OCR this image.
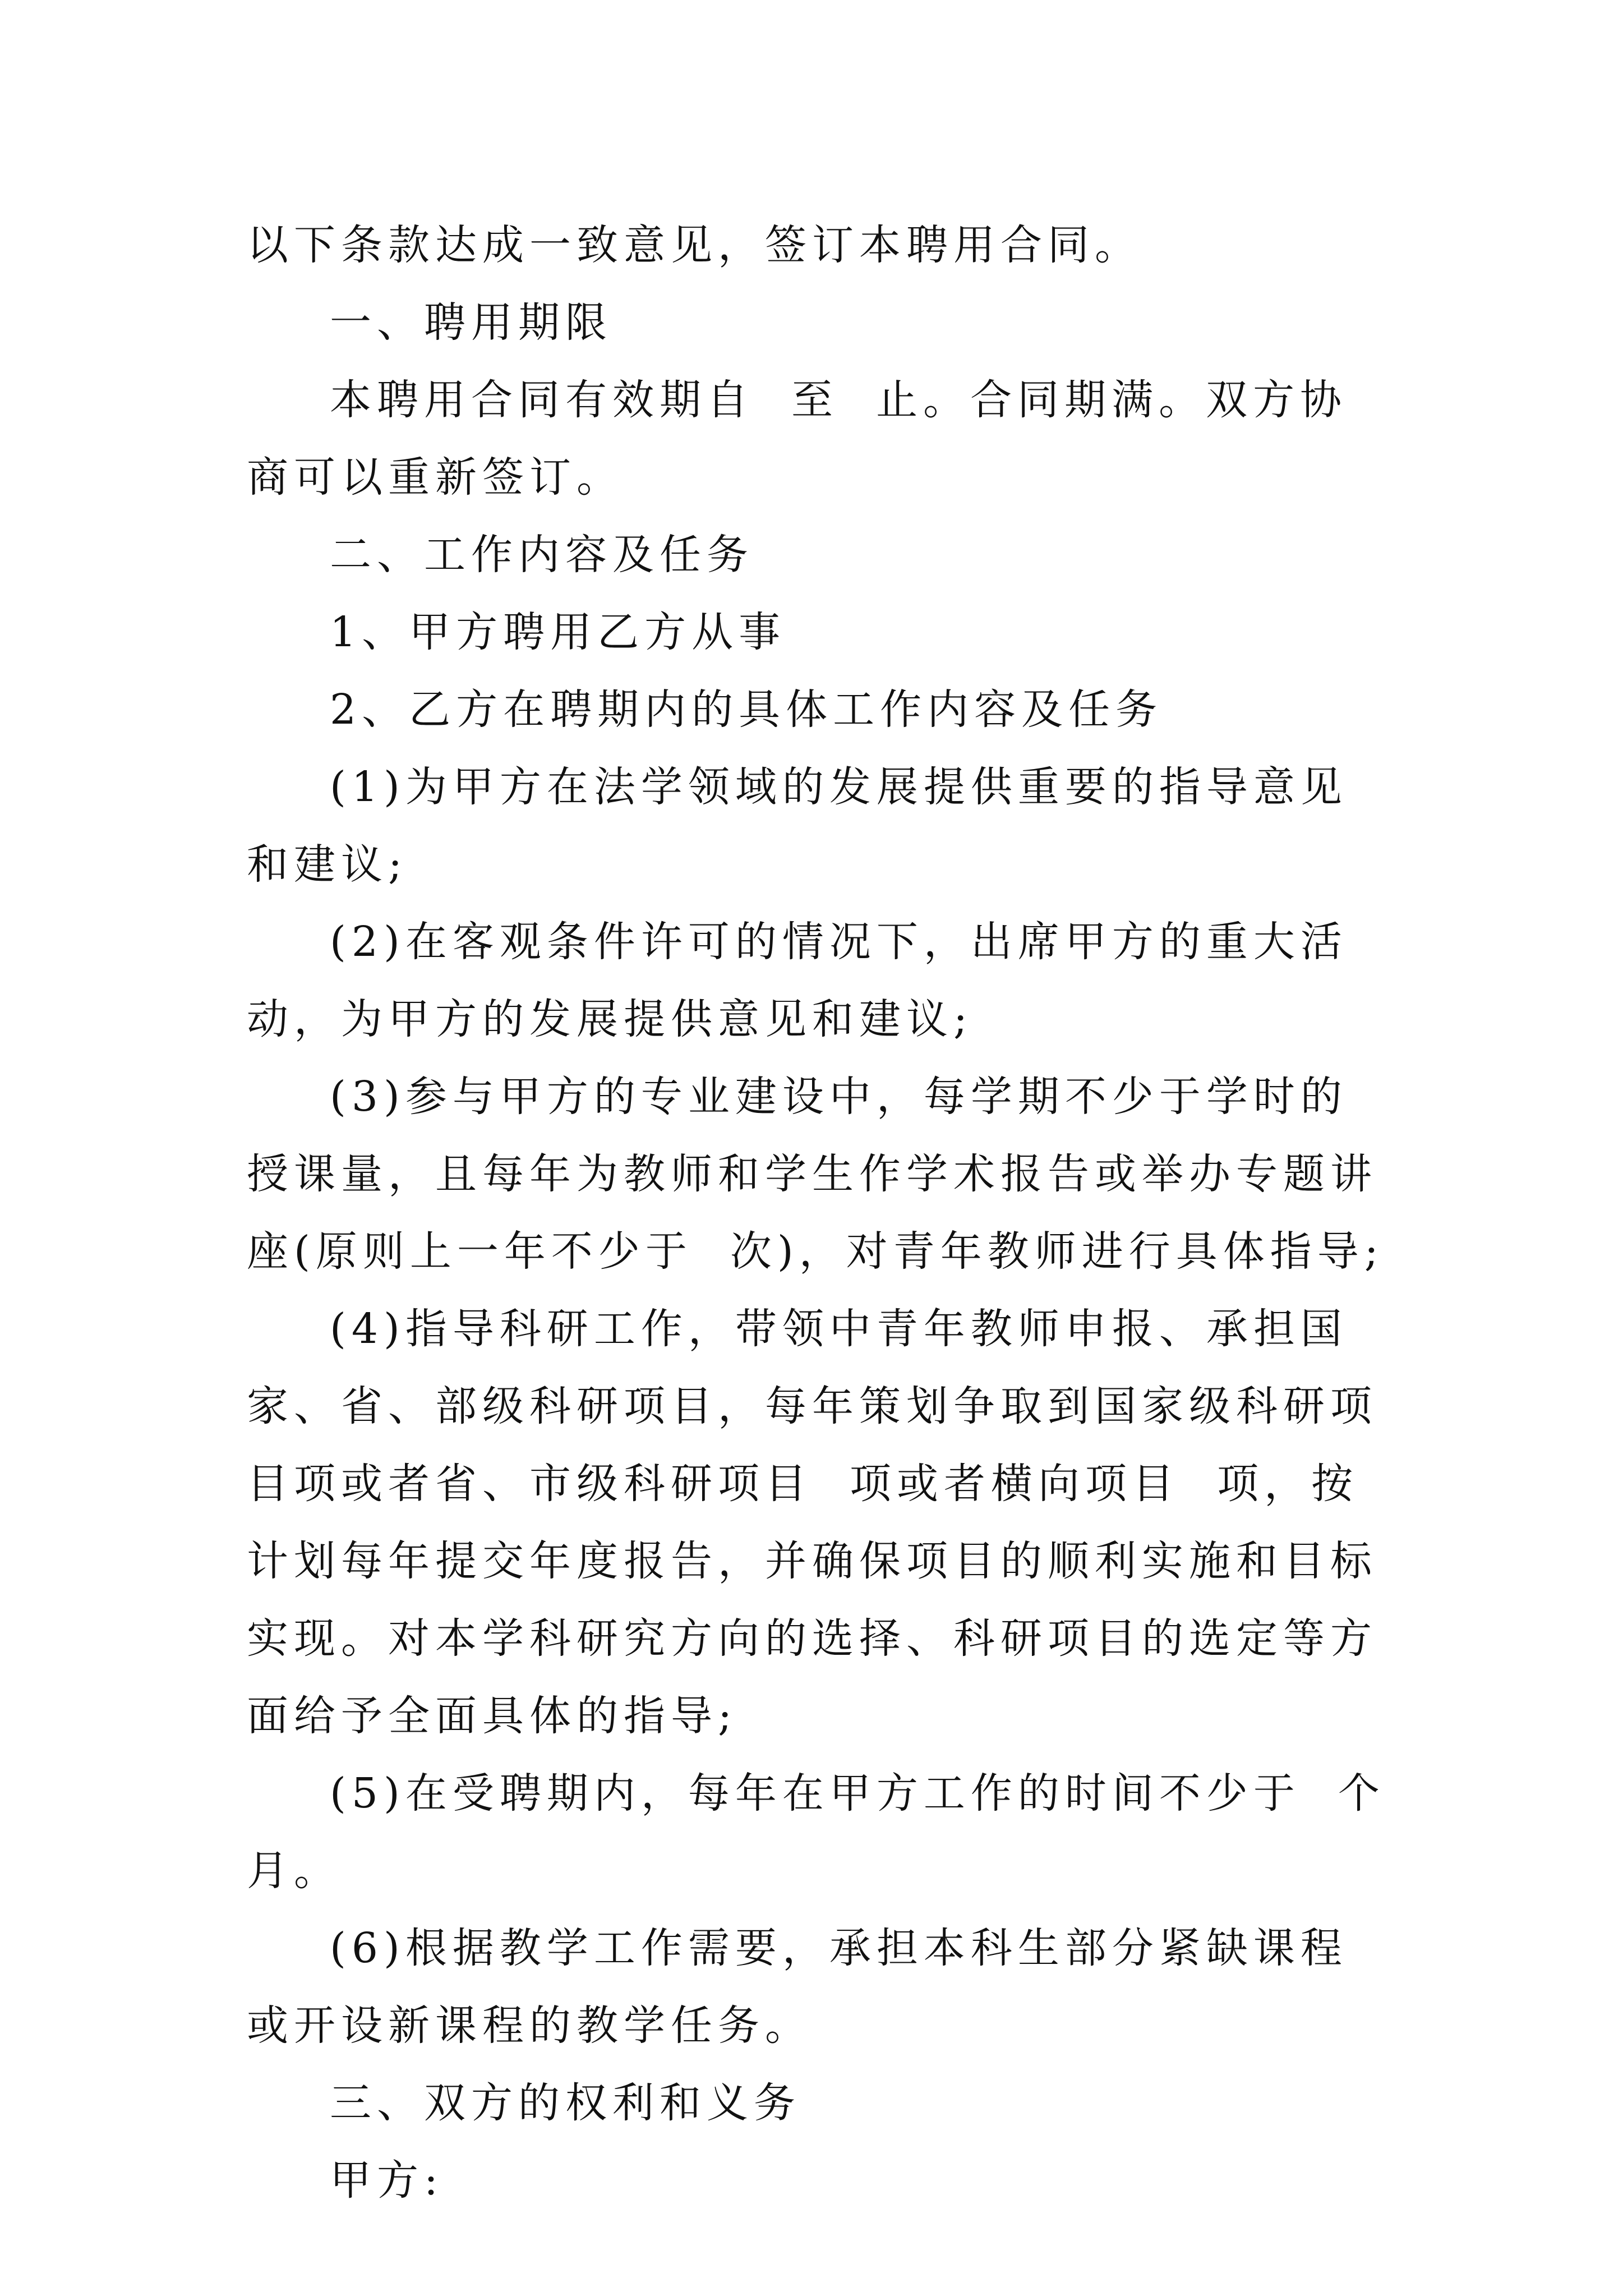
以下条款达成一致意见，签订本聘用合同。

一、聘用期限

本聘用合同有效期自  至  止。合同期满。双方协商可以重新签订。

二、工作内容及任务

1、甲方聘用乙方从事

2、乙方在聘期内的具体工作内容及任务

(1)为甲方在法学领域的发展提供重要的指导意见和建议;

(2)在客观条件许可的情况下，出席甲方的重大活动，为甲方的发展提供意见和建议;

(3)参与甲方的专业建设中，每学期不少于学时的授课量，且每年为教师和学生作学术报告或举办专题讲座(原则上一年不少于  次)，对青年教师进行具体指导;

(4)指导科研工作，带领中青年教师申报、承担国家、省、部级科研项目，每年策划争取到国家级科研项目项或者省、市级科研项目  项或者横向项目  项，按计划每年提交年度报告，并确保项目的顺利实施和目标实现。对本学科研究方向的选择、科研项目的选定等方面给予全面具体的指导;

(5)在受聘期内，每年在甲方工作的时间不少于  个月。

(6)根据教学工作需要，承担本科生部分紧缺课程或开设新课程的教学任务。

三、双方的权利和义务

甲方:
